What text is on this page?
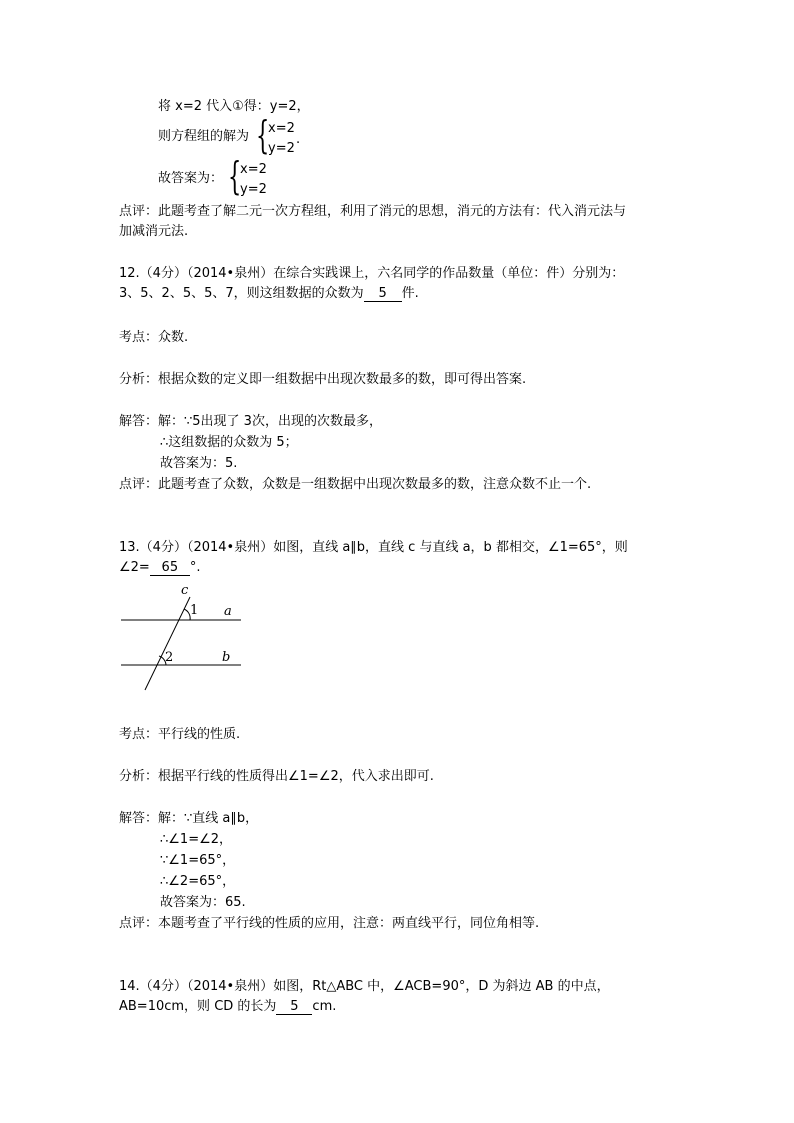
将 x=2 代入①得：y=2，
则方程组的解为 {
x=2
y=2
.
故答案为： {
x=2
y=2
点评：此题考查了解二元一次方程组，利用了消元的思想，消元的方法有：代入消元法与
加减消元法.
12.（4分）（2014•泉州）在综合实践课上，六名同学的作品数量（单位：件）分别为：
3、5、2、5、5、7，则这组数据的众数为 5 件.
考点：众数.
分析：根据众数的定义即一组数据中出现次数最多的数，即可得出答案.
解答：解：∵5出现了 3次，出现的次数最多，
∴这组数据的众数为 5；
故答案为：5.
点评：此题考查了众数，众数是一组数据中出现次数最多的数，注意众数不止一个.
13.（4分）（2014•泉州）如图，直线 a∥b，直线 c 与直线 a，b 都相交，∠1=65°，则
∠2= 65 °.
c
1 a
2	b
考点：平行线的性质.
分析：根据平行线的性质得出∠1=∠2，代入求出即可.
解答：解：∵直线 a∥b，
∴∠1=∠2，
∵∠1=65°，
∴∠2=65°，
故答案为：65.
点评：本题考查了平行线的性质的应用，注意：两直线平行，同位角相等.
14.（4分）（2014•泉州）如图，Rt△ABC 中，∠ACB=90°，D 为斜边 AB 的中点，
AB=10cm，则 CD 的长为 5 cm.
